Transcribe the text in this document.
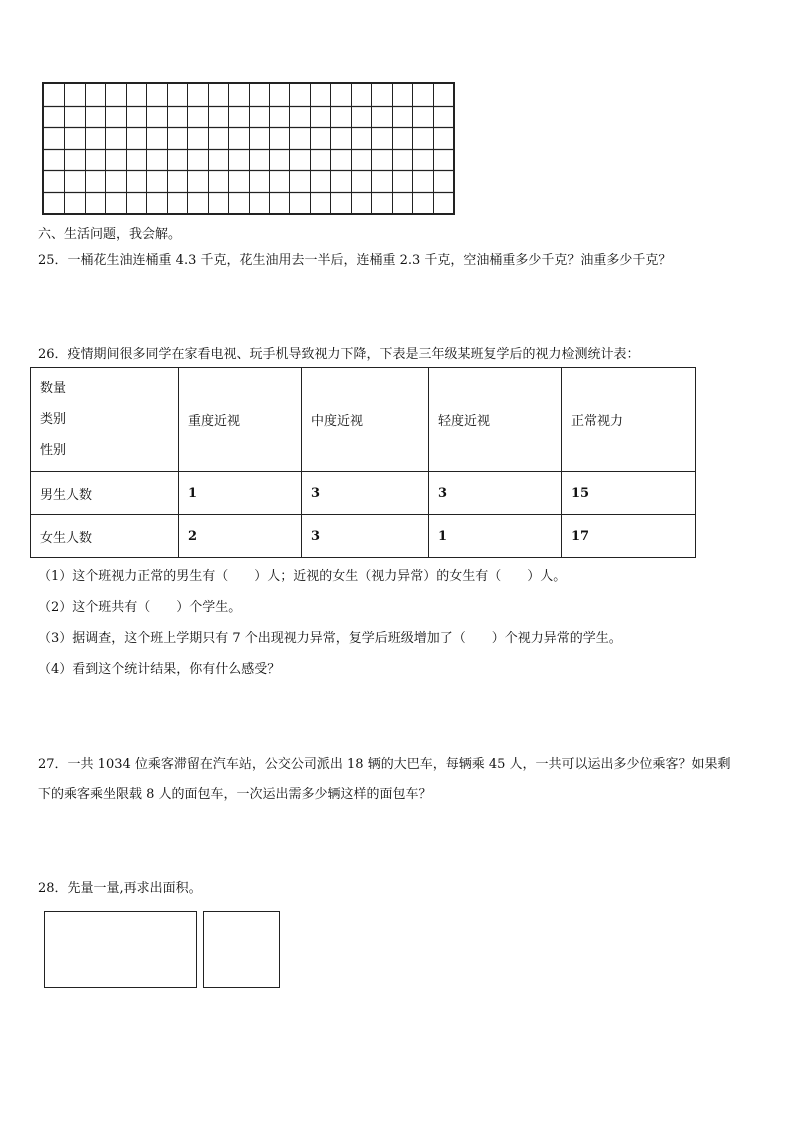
六、生活问题，我会解。
25．一桶花生油连桶重 4.3 千克，花生油用去一半后，连桶重 2.3 千克，空油桶重多少千克？油重多少千克？
26．疫情期间很多同学在家看电视、玩手机导致视力下降，下表是三年级某班复学后的视力检测统计表：
数量
类别
性别	重度近视	中度近视	轻度近视	正常视力
男生人数	1	3	3	15
女生人数	2	3	1	17
（1）这个班视力正常的男生有（　　）人；近视的女生（视力异常）的女生有（　　）人。
（2）这个班共有（　　）个学生。
（3）据调查，这个班上学期只有 7 个出现视力异常，复学后班级增加了（　　）个视力异常的学生。
（4）看到这个统计结果，你有什么感受？
27．一共 1034 位乘客滞留在汽车站，公交公司派出 18 辆的大巴车，每辆乘 45 人，一共可以运出多少位乘客？如果剩
下的乘客乘坐限载 8 人的面包车，一次运出需多少辆这样的面包车？
28．先量一量,再求出面积。
